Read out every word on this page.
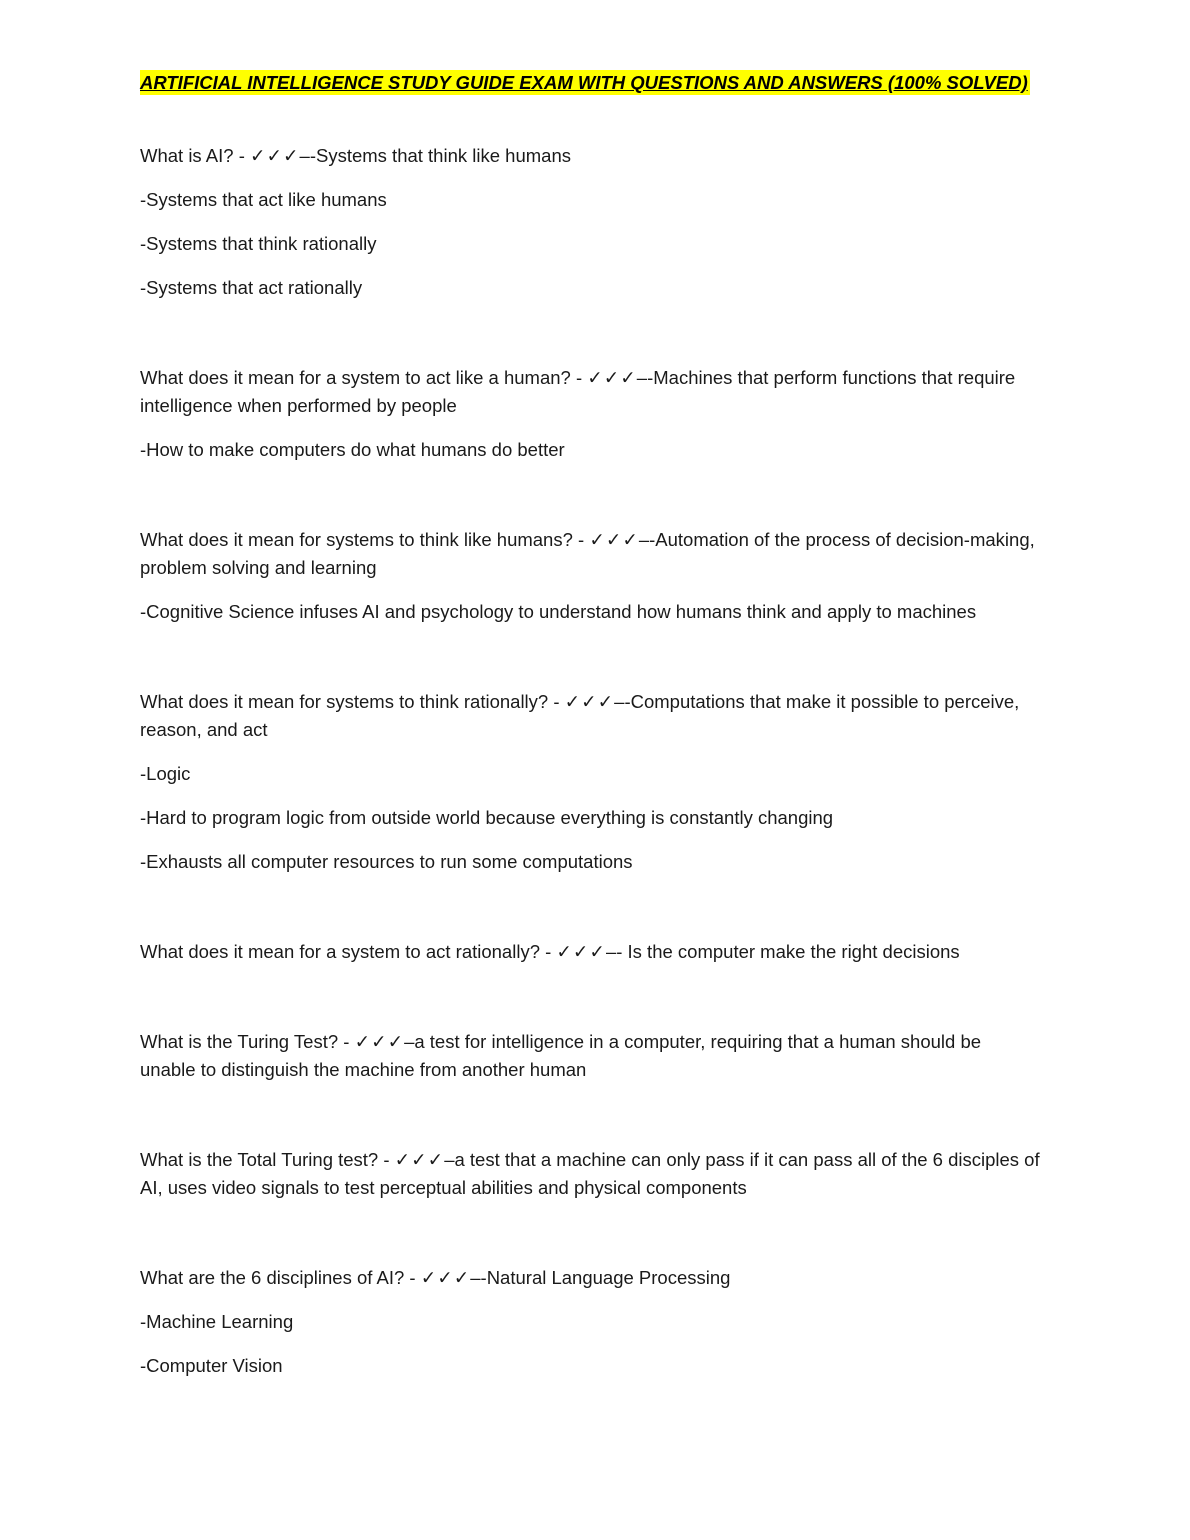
ARTIFICIAL INTELLIGENCE STUDY GUIDE EXAM WITH QUESTIONS AND ANSWERS (100% SOLVED)

What is AI? - ✓✓✓–-Systems that think like humans

-Systems that act like humans

-Systems that think rationally

-Systems that act rationally

What does it mean for a system to act like a human? - ✓✓✓–-Machines that perform functions that require intelligence when performed by people

-How to make computers do what humans do better

What does it mean for systems to think like humans? - ✓✓✓–-Automation of the process of decision-making, problem solving and learning

-Cognitive Science infuses AI and psychology to understand how humans think and apply to machines

What does it mean for systems to think rationally? - ✓✓✓–-Computations that make it possible to perceive, reason, and act

-Logic

-Hard to program logic from outside world because everything is constantly changing

-Exhausts all computer resources to run some computations

What does it mean for a system to act rationally? - ✓✓✓–- Is the computer make the right decisions

What is the Turing Test? - ✓✓✓–a test for intelligence in a computer, requiring that a human should be unable to distinguish the machine from another human

What is the Total Turing test? - ✓✓✓–a test that a machine can only pass if it can pass all of the 6 disciples of AI, uses video signals to test perceptual abilities and physical components

What are the 6 disciplines of AI? - ✓✓✓–-Natural Language Processing

-Machine Learning

-Computer Vision
